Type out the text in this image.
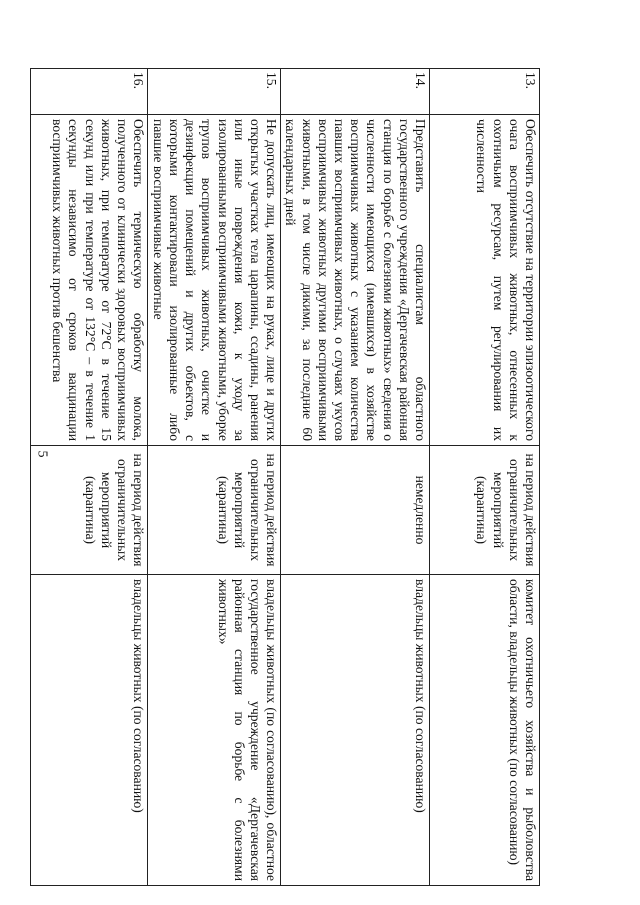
5
13.	Обеспечить отсутствие на территории эпизоотического очага восприимчивых животных, отнесенных к охотничьим ресурсам, путем регулирования их численности	на период действия ограничительных мероприятий (карантина)	комитет охотничьего хозяйства и рыболовства области, владельцы животных (по согласованию)
14.	Представить специалистам областного государственного учреждения «Дергачевская районная станция по борьбе с болезнями животных» сведения о численности имеющихся (имевшихся) в хозяйстве восприимчивых животных с указанием количества павших восприимчивых животных, о случаях укусов восприимчивых животных другими восприимчивыми животными, в том числе дикими, за последние 60 календарных дней	немедленно	владельцы животных (по согласованию)
15.	Не допускать лиц, имеющих на руках, лице и других открытых участках тела царапины, ссадины, ранения или иные повреждения кожи, к уходу за изолированными восприимчивыми животными, уборке трупов восприимчивых животных, очистке и дезинфекции помещений и других объектов, с которыми контактировали изолированные либо павшие восприимчивые животные	на период действия ограничительных мероприятий (карантина)	владельцы животных (по согласованию), областное государственное учреждение «Дергачевская районная станция по борьбе с болезнями животных»
16.	Обеспечить термическую обработку молока, полученного от клинически здоровых восприимчивых животных, при температуре от 72°C в течение 15 секунд или при температуре от 132°C – в течение 1 секунды независимо от сроков вакцинации восприимчивых животных против бешенства	на период действия ограничительных мероприятий (карантина)	владельцы животных (по согласованию)
